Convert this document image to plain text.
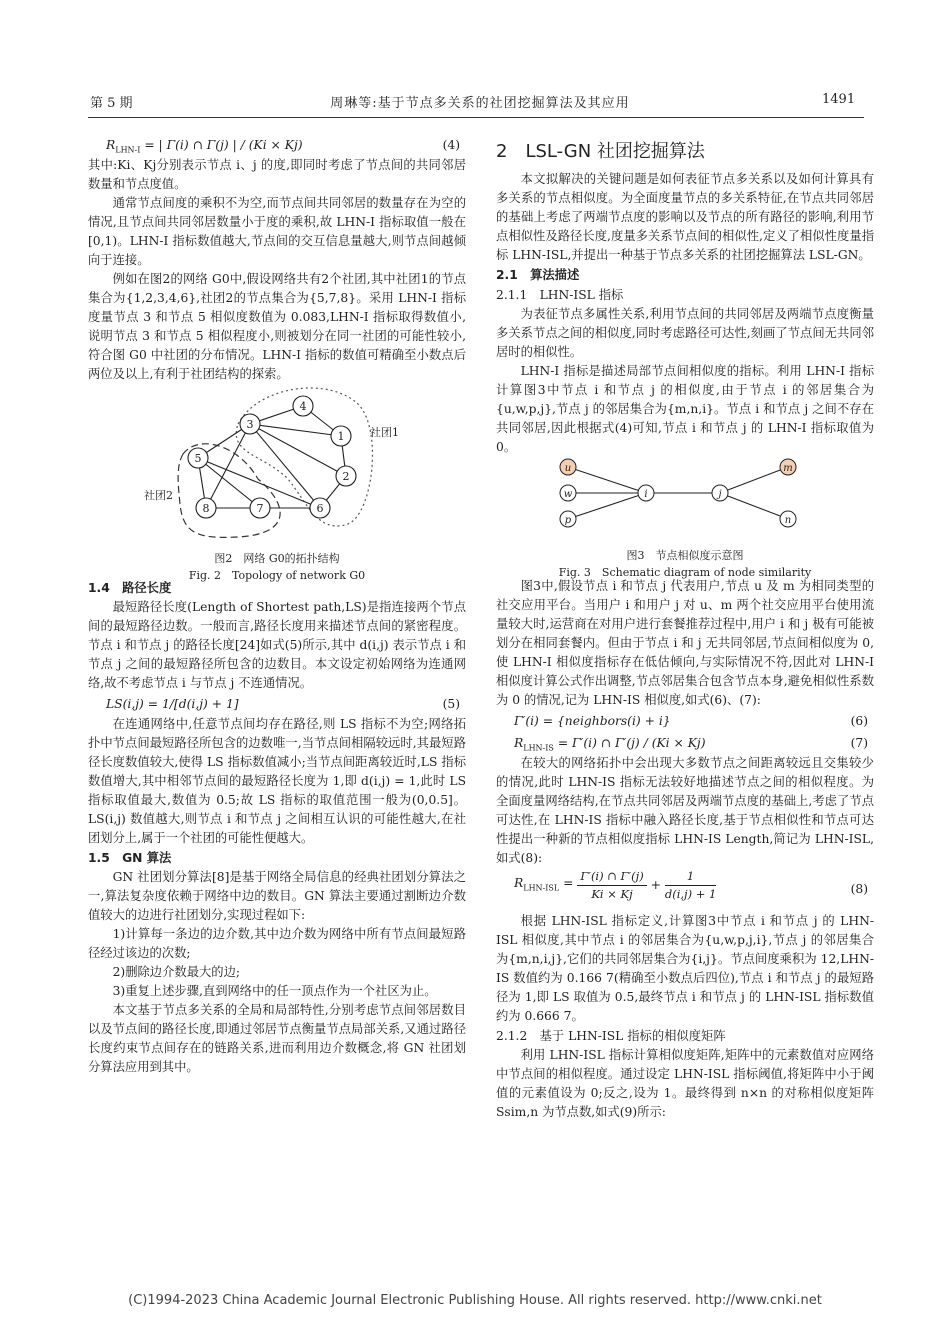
第 5 期	周琳等:基于节点多关系的社团挖掘算法及其应用	1491
$R_{LHN-I}$ = | Γ(i) ∩ Γ(j) | / (Ki × Kj)	(4)

其中:Ki、Kj分别表示节点 i、j 的度,即同时考虑了节点间的共同邻居数量和节点度值。

通常节点间度的乘积不为空,而节点间共同邻居的数量存在为空的情况,且节点间共同邻居数量小于度的乘积,故 LHN-I 指标取值一般在[0,1)。LHN-I 指标数值越大,节点间的交互信息量越大,则节点间越倾向于连接。

例如在图2的网络 G0中,假设网络共有2个社团,其中社团1的节点集合为{1,2,3,4,6},社团2的节点集合为{5,7,8}。采用 LHN-I 指标度量节点 3 和节点 5 相似度数值为 0.083,LHN-I 指标取得数值小,说明节点 3 和节点 5 相似程度小,则被划分在同一社团的可能性较小,符合图 G0 中社团的分布情况。LHN-I 指标的数值可精确至小数点后两位及以上,有利于社团结构的探索。

1
2
3
4
5
6
7
8
社团1
社团2
图2　网络 G0的拓扑结构
Fig. 2　Topology of network G0
1.4　路径长度

最短路径长度(Length of Shortest path,LS)是指连接两个节点间的最短路径边数。一般而言,路径长度用来描述节点间的紧密程度。节点 i 和节点 j 的路径长度[24]如式(5)所示,其中 d(i,j) 表示节点 i 和节点 j 之间的最短路径所包含的边数目。本文设定初始网络为连通网络,故不考虑节点 i 与节点 j 不连通情况。

LS(i,j) = 1/[d(i,j) + 1]	(5)

在连通网络中,任意节点间均存在路径,则 LS 指标不为空;网络拓扑中节点间最短路径所包含的边数唯一,当节点间相隔较远时,其最短路径长度数值较大,使得 LS 指标数值减小;当节点间距离较近时,LS 指标数值增大,其中相邻节点间的最短路径长度为 1,即 d(i,j) = 1,此时 LS 指标取值最大,数值为 0.5;故 LS 指标的取值范围一般为(0,0.5]。LS(i,j) 数值越大,则节点 i 和节点 j 之间相互认识的可能性越大,在社团划分上,属于一个社团的可能性便越大。

1.5　GN 算法

GN 社团划分算法[8]是基于网络全局信息的经典社团划分算法之一,算法复杂度依赖于网络中边的数目。GN 算法主要通过割断边介数值较大的边进行社团划分,实现过程如下:

1)计算每一条边的边介数,其中边介数为网络中所有节点间最短路径经过该边的次数;

2)删除边介数最大的边;

3)重复上述步骤,直到网络中的任一顶点作为一个社区为止。

本文基于节点多关系的全局和局部特性,分别考虑节点间邻居数目以及节点间的路径长度,即通过邻居节点衡量节点局部关系,又通过路径长度约束节点间存在的链路关系,进而利用边介数概念,将 GN 社团划分算法应用到其中。

2　LSL-GN 社团挖掘算法

本文拟解决的关键问题是如何表征节点多关系以及如何计算具有多关系的节点相似度。为全面度量节点的多关系特征,在节点共同邻居的基础上考虑了两端节点度的影响以及节点的所有路径的影响,利用节点相似性及路径长度,度量多关系节点间的相似性,定义了相似性度量指标 LHN-ISL,并提出一种基于节点多关系的社团挖掘算法 LSL-GN。

2.1　算法描述
2.1.1　LHN-ISL 指标

为表征节点多属性关系,利用节点间的共同邻居及两端节点度衡量多关系节点之间的相似度,同时考虑路径可达性,刻画了节点间无共同邻居时的相似性。

LHN-I 指标是描述局部节点间相似度的指标。利用 LHN-I 指标计算图3中节点 i 和节点 j 的相似度,由于节点 i 的邻居集合为{u,w,p,j},节点 j 的邻居集合为{m,n,i}。节点 i 和节点 j 之间不存在共同邻居,因此根据式(4)可知,节点 i 和节点 j 的 LHN-I 指标取值为 0。

u
w
p
i	j
m
n
图3　节点相似度示意图
Fig. 3　Schematic diagram of node similarity

图3中,假设节点 i 和节点 j 代表用户,节点 u 及 m 为相同类型的社交应用平台。当用户 i 和用户 j 对 u、m 两个社交应用平台使用流量较大时,运营商在对用户进行套餐推荐过程中,用户 i 和 j 极有可能被划分在相同套餐内。但由于节点 i 和 j 无共同邻居,节点间相似度为 0,使 LHN-I 相似度指标存在低估倾向,与实际情况不符,因此对 LHN-I 相似度计算公式作出调整,节点邻居集合包含节点本身,避免相似性系数为 0 的情况,记为 LHN-IS 相似度,如式(6)、(7):

Γ′(i) = {neighbors(i) + i}	(6)
$R_{LHN-IS} = \Gamma'(i)$ ∩ Γ′(j) / (Ki × Kj)	(7)

在较大的网络拓扑中会出现大多数节点之间距离较远且交集较少的情况,此时 LHN-IS 指标无法较好地描述节点之间的相似程度。为全面度量网络结构,在节点共同邻居及两端节点度的基础上,考虑了节点可达性,在 LHN-IS 指标中融入路径长度,基于节点相似性和节点可达性提出一种新的节点相似度指标 LHN-IS Length,简记为 LHN-ISL,如式(8):

$R_{LHN-ISL} = \frac{\Gamma'(i) \cap \Gamma'(j)}{Ki \times Kj} + \frac{1}{d(i,j) + 1}$	(8)

根据 LHN-ISL 指标定义,计算图3中节点 i 和节点 j 的 LHN-ISL 相似度,其中节点 i 的邻居集合为{u,w,p,j,i},节点 j 的邻居集合为{m,n,i,j},它们的共同邻居集合为{i,j}。节点间度乘积为 12,LHN-IS 数值约为 0.166 7(精确至小数点后四位),节点 i 和节点 j 的最短路径为 1,即 LS 取值为 0.5,最终节点 i 和节点 j 的 LHN-ISL 指标数值约为 0.666 7。

2.1.2　基于 LHN-ISL 指标的相似度矩阵

利用 LHN-ISL 指标计算相似度矩阵,矩阵中的元素数值对应网络中节点间的相似程度。通过设定 LHN-ISL 指标阈值,将矩阵中小于阈值的元素值设为 0;反之,设为 1。最终得到 n×n 的对称相似度矩阵 Ssim,n 为节点数,如式(9)所示:

(C)1994-2023 China Academic Journal Electronic Publishing House. All rights reserved. http://www.cnki.net
